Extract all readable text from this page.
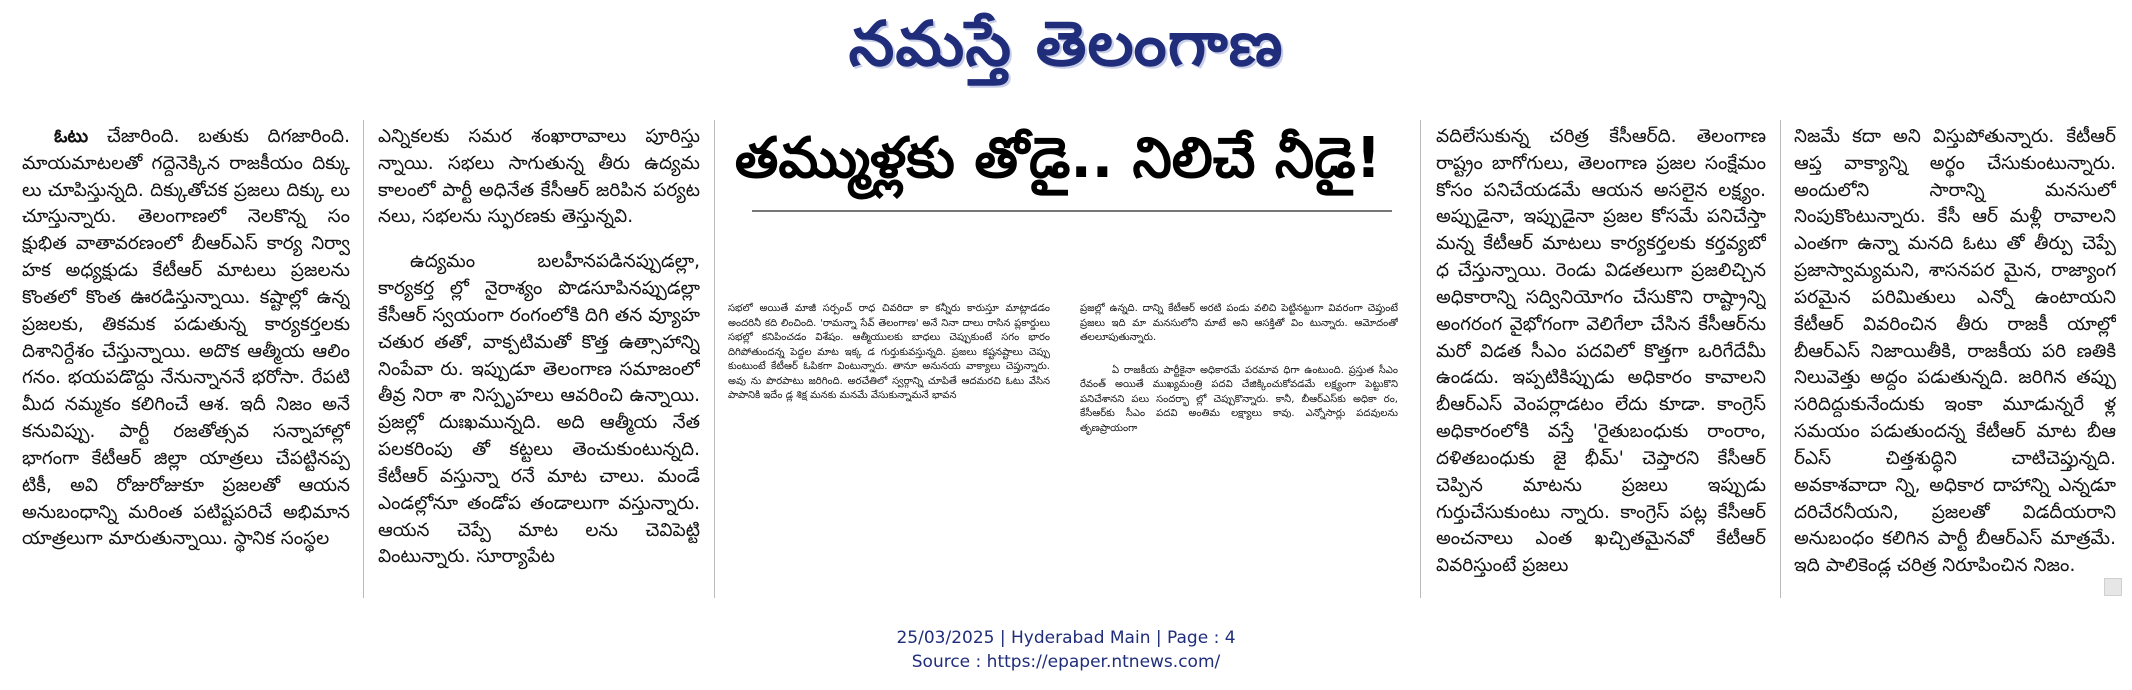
నమస్తే తెలంగాణ
తమ్ముళ్లకు తోడై.. నిలిచే నీడై!

ఓటు చేజారింది. బతుకు దిగజారింది. మాయమాటలతో గద్దెనెక్కిన రాజకీయం దిక్కు లు చూపిస్తున్నది. దిక్కుతోచక ప్రజలు దిక్కు లు చూస్తున్నారు. తెలంగాణలో నెలకొన్న సం క్షుభిత వాతావరణంలో బీఆర్‌ఎస్ కార్య నిర్వా హక అధ్యక్షుడు కేటీఆర్ మాటలు ప్రజలను కొంతలో కొంత ఊరడిస్తున్నాయి. కష్టాల్లో ఉన్న ప్రజలకు, తికమక పడుతున్న కార్యకర్తలకు దిశానిర్దేశం చేస్తున్నాయి. అదొక ఆత్మీయ ఆలిం గనం. భయపడొద్దు నేనున్నాననే భరోసా. రేపటి మీద నమ్మకం కలిగించే ఆశ. ఇదీ నిజం అనే కనువిప్పు. పార్టీ రజతోత్సవ సన్నాహాల్లో భాగంగా కేటీఆర్ జిల్లా యాత్రలు చేపట్టినప్ప టికీ, అవి రోజురోజుకూ ప్రజలతో ఆయన అనుబంధాన్ని మరింత పటిష్టపరిచే అభిమాన యాత్రలుగా మారుతున్నాయి. స్థానిక సంస్థల

ఎన్నికలకు సమర శంఖారావాలు పూరిస్తు న్నాయి. సభలు సాగుతున్న తీరు ఉద్యమ కాలంలో పార్టీ అధినేత కేసీఆర్ జరిపిన పర్యట నలు, సభలను స్ఫురణకు తెస్తున్నవి.

ఉద్యమం బలహీనపడినప్పుడల్లా, కార్యకర్త ల్లో నైరాశ్యం పొడసూపినప్పుడల్లా కేసీఆర్ స్వయంగా రంగంలోకి దిగి తన వ్యూహ చతుర తతో, వాక్పటిమతో కొత్త ఉత్సాహాన్ని నింపేవా రు. ఇప్పుడూ తెలంగాణ సమాజంలో తీవ్ర నిరా శా నిస్పృహలు ఆవరించి ఉన్నాయి. ప్రజల్లో దుఃఖమున్నది. అది ఆత్మీయ నేత పలకరింపు తో కట్టలు తెంచుకుంటున్నది. కేటీఆర్ వస్తున్నా రనే మాట చాలు. మండే ఎండల్లోనూ తండోప తండాలుగా వస్తున్నారు. ఆయన చెప్పే మాట లను చెవిపెట్టి వింటున్నారు. సూర్యాపేట

సభలో అయితే మాజీ సర్పంచ్ రాధ చివరిదా కా కన్నీరు కారుస్తూ మాట్లాడడం అందరినీ కది లించింది. 'రామన్నా సేవ్ తెలంగాణ' అనే నినా దాలు రాసిన ప్లకార్డులు సభల్లో కనిపించడం విశేషం. ఆత్మీయులకు బాధలు చెప్పుకుంటే సగం భారం దిగిపోతుందన్న పెద్దల మాట ఇక్క డ గుర్తుకువస్తున్నది. ప్రజలు కష్టనష్టాలు చెప్పు కుంటుంటే కేటీఆర్ ఓపికగా వింటున్నారు. తానూ అనునయ వాక్యాలు చెప్తున్నారు. అవు ను పొరపాటు జరిగింది. అరచేతిలో స్వర్గాన్ని చూపితే ఆదమరచి ఓటు వేసిన పాపానికి ఇదేం డ్ల శిక్ష మనకు మనమే వేసుకున్నామనే భావన

ప్రజల్లో ఉన్నది. దాన్ని కేటీఆర్ అరటి పండు వలిచి పెట్టినట్టుగా వివరంగా చెప్తుంటే ప్రజలు ఇది మా మనసులోని మాటే అని ఆసక్తితో విం టున్నారు. ఆమోదంతో తలలూపుతున్నారు.

ఏ రాజకీయ పార్టీకైనా అధికారమే పరమావ ధిగా ఉంటుంది. ప్రస్తుత సీఎం రేవంత్ అయితే ముఖ్యమంత్రి పదవి చేజిక్కించుకోవడమే లక్ష్యంగా పెట్టుకొని పనిచేశానని పలు సందర్భా ల్లో చెప్పుకొన్నారు. కానీ, బీఆర్‌ఎస్‌కు అధికా రం, కేసీఆర్‌కు సీఎం పదవి అంతిమ లక్ష్యాలు కావు. ఎన్నోసార్లు పదవులను తృణప్రాయంగా

వదిలేసుకున్న చరిత్ర కేసీఆర్‌ది. తెలంగాణ రాష్ట్రం బాగోగులు, తెలంగాణ ప్రజల సంక్షేమం కోసం పనిచేయడమే ఆయన అసలైన లక్ష్యం. అప్పుడైనా, ఇప్పుడైనా ప్రజల కోసమే పనిచేస్తా మన్న కేటీఆర్ మాటలు కార్యకర్తలకు కర్తవ్యబో ధ చేస్తున్నాయి. రెండు విడతలుగా ప్రజలిచ్చిన అధికారాన్ని సద్వినియోగం చేసుకొని రాష్ట్రాన్ని అంగరంగ వైభోగంగా వెలిగేలా చేసిన కేసీఆర్‌ను మరో విడత సీఎం పదవిలో కొత్తగా ఒరిగేదేమీ ఉండదు. ఇప్పటికిప్పుడు అధికారం కావాలని బీఆర్‌ఎస్ వెంపర్లాడటం లేదు కూడా. కాంగ్రెస్ అధికారంలోకి వస్తే 'రైతుబంధుకు రాంరాం, దళితబంధుకు జై భీమ్' చెప్తారని కేసీఆర్ చెప్పిన మాటను ప్రజలు ఇప్పుడు గుర్తుచేసుకుంటు న్నారు. కాంగ్రెస్ పట్ల కేసీఆర్ అంచనాలు ఎంత ఖచ్చితమైనవో కేటీఆర్ వివరిస్తుంటే ప్రజలు

నిజమే కదా అని విస్తుపోతున్నారు. కేటీఆర్ ఆప్త వాక్యాన్ని అర్థం చేసుకుంటున్నారు. అందులోని సారాన్ని మనసులో నింపుకొంటున్నారు. కేసీ ఆర్ మళ్లీ రావాలని ఎంతగా ఉన్నా మనది ఓటు తో తీర్పు చెప్పే ప్రజాస్వామ్యమని, శాసనపర మైన, రాజ్యాంగ పరమైన పరిమితులు ఎన్నో ఉంటాయని కేటీఆర్ వివరించిన తీరు రాజకీ యాల్లో బీఆర్‌ఎస్ నిజాయితీకి, రాజకీయ పరి ణతికి నిలువెత్తు అద్దం పడుతున్నది. జరిగిన తప్పు సరిదిద్దుకునేందుకు ఇంకా మూడున్నరే ళ్ల సమయం పడుతుందన్న కేటీఆర్ మాట బీఆ ర్‌ఎస్ చిత్తశుద్ధిని చాటిచెప్తున్నది. అవకాశవాదా న్ని, అధికార దాహాన్ని ఎన్నడూ దరిచేరనీయని, ప్రజలతో విడదీయరాని అనుబంధం కలిగిన పార్టీ బీఆర్‌ఎస్ మాత్రమే. ఇది పాలికెండ్ల చరిత్ర నిరూపించిన నిజం.

25/03/2025 | Hyderabad Main | Page : 4
Source : https://epaper.ntnews.com/
